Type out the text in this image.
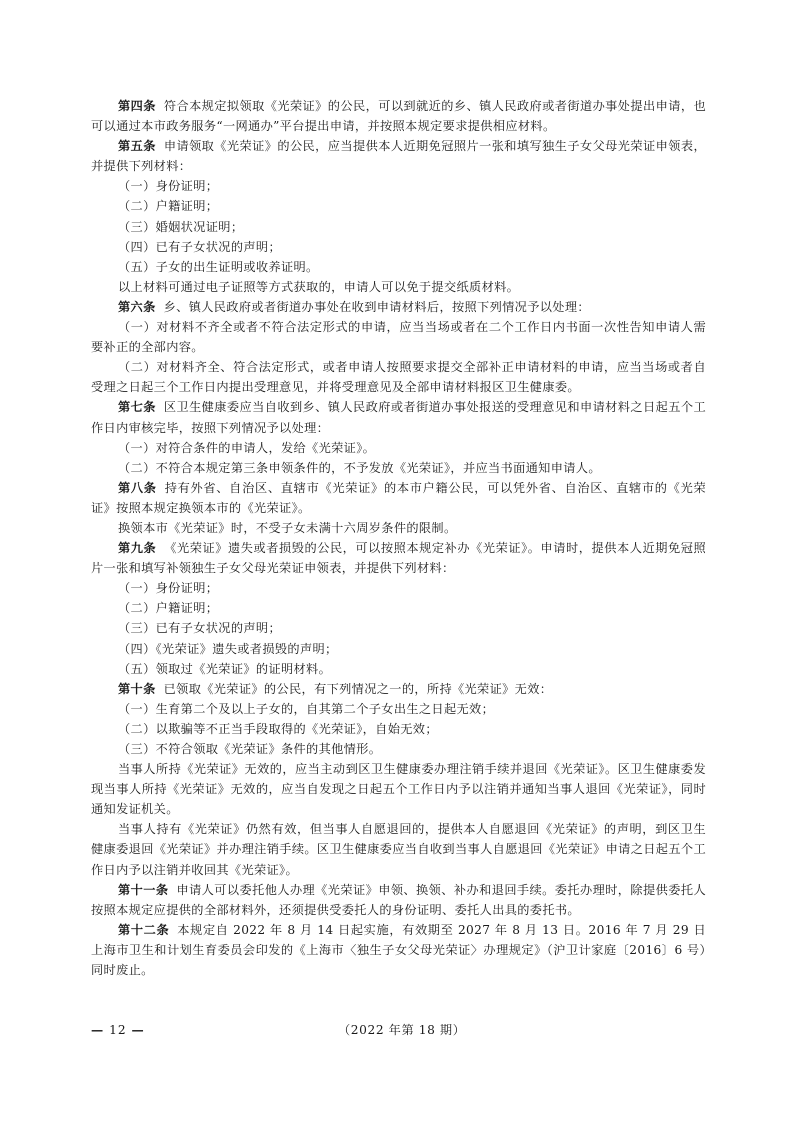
第四条 符合本规定拟领取《光荣证》的公民，可以到就近的乡、镇人民政府或者街道办事处提出申请，也可以通过本市政务服务“一网通办”平台提出申请，并按照本规定要求提供相应材料。

第五条 申请领取《光荣证》的公民，应当提供本人近期免冠照片一张和填写独生子女父母光荣证申领表，并提供下列材料：

（一）身份证明；

（二）户籍证明；

（三）婚姻状况证明；

（四）已有子女状况的声明；

（五）子女的出生证明或收养证明。

以上材料可通过电子证照等方式获取的，申请人可以免于提交纸质材料。

第六条 乡、镇人民政府或者街道办事处在收到申请材料后，按照下列情况予以处理：

（一）对材料不齐全或者不符合法定形式的申请，应当当场或者在二个工作日内书面一次性告知申请人需要补正的全部内容。

（二）对材料齐全、符合法定形式，或者申请人按照要求提交全部补正申请材料的申请，应当当场或者自受理之日起三个工作日内提出受理意见，并将受理意见及全部申请材料报区卫生健康委。

第七条 区卫生健康委应当自收到乡、镇人民政府或者街道办事处报送的受理意见和申请材料之日起五个工作日内审核完毕，按照下列情况予以处理：

（一）对符合条件的申请人，发给《光荣证》。

（二）不符合本规定第三条申领条件的，不予发放《光荣证》，并应当书面通知申请人。

第八条 持有外省、自治区、直辖市《光荣证》的本市户籍公民，可以凭外省、自治区、直辖市的《光荣证》按照本规定换领本市的《光荣证》。

换领本市《光荣证》时，不受子女未满十六周岁条件的限制。

第九条 《光荣证》遗失或者损毁的公民，可以按照本规定补办《光荣证》。申请时，提供本人近期免冠照片一张和填写补领独生子女父母光荣证申领表，并提供下列材料：

（一）身份证明；

（二）户籍证明；

（三）已有子女状况的声明；

（四）《光荣证》遗失或者损毁的声明；

（五）领取过《光荣证》的证明材料。

第十条 已领取《光荣证》的公民，有下列情况之一的，所持《光荣证》无效：

（一）生育第二个及以上子女的，自其第二个子女出生之日起无效；

（二）以欺骗等不正当手段取得的《光荣证》，自始无效；

（三）不符合领取《光荣证》条件的其他情形。

当事人所持《光荣证》无效的，应当主动到区卫生健康委办理注销手续并退回《光荣证》。区卫生健康委发现当事人所持《光荣证》无效的，应当自发现之日起五个工作日内予以注销并通知当事人退回《光荣证》，同时通知发证机关。

当事人持有《光荣证》仍然有效，但当事人自愿退回的，提供本人自愿退回《光荣证》的声明，到区卫生健康委退回《光荣证》并办理注销手续。区卫生健康委应当自收到当事人自愿退回《光荣证》申请之日起五个工作日内予以注销并收回其《光荣证》。

第十一条 申请人可以委托他人办理《光荣证》申领、换领、补办和退回手续。委托办理时，除提供委托人按照本规定应提供的全部材料外，还须提供受委托人的身份证明、委托人出具的委托书。

第十二条 本规定自 2022 年 8 月 14 日起实施，有效期至 2027 年 8 月 13 日。2016 年 7 月 29 日上海市卫生和计划生育委员会印发的《上海市〈独生子女父母光荣证〉办理规定》（沪卫计家庭〔2016〕6 号）同时废止。

— 12 —	（2022 年第 18 期）
